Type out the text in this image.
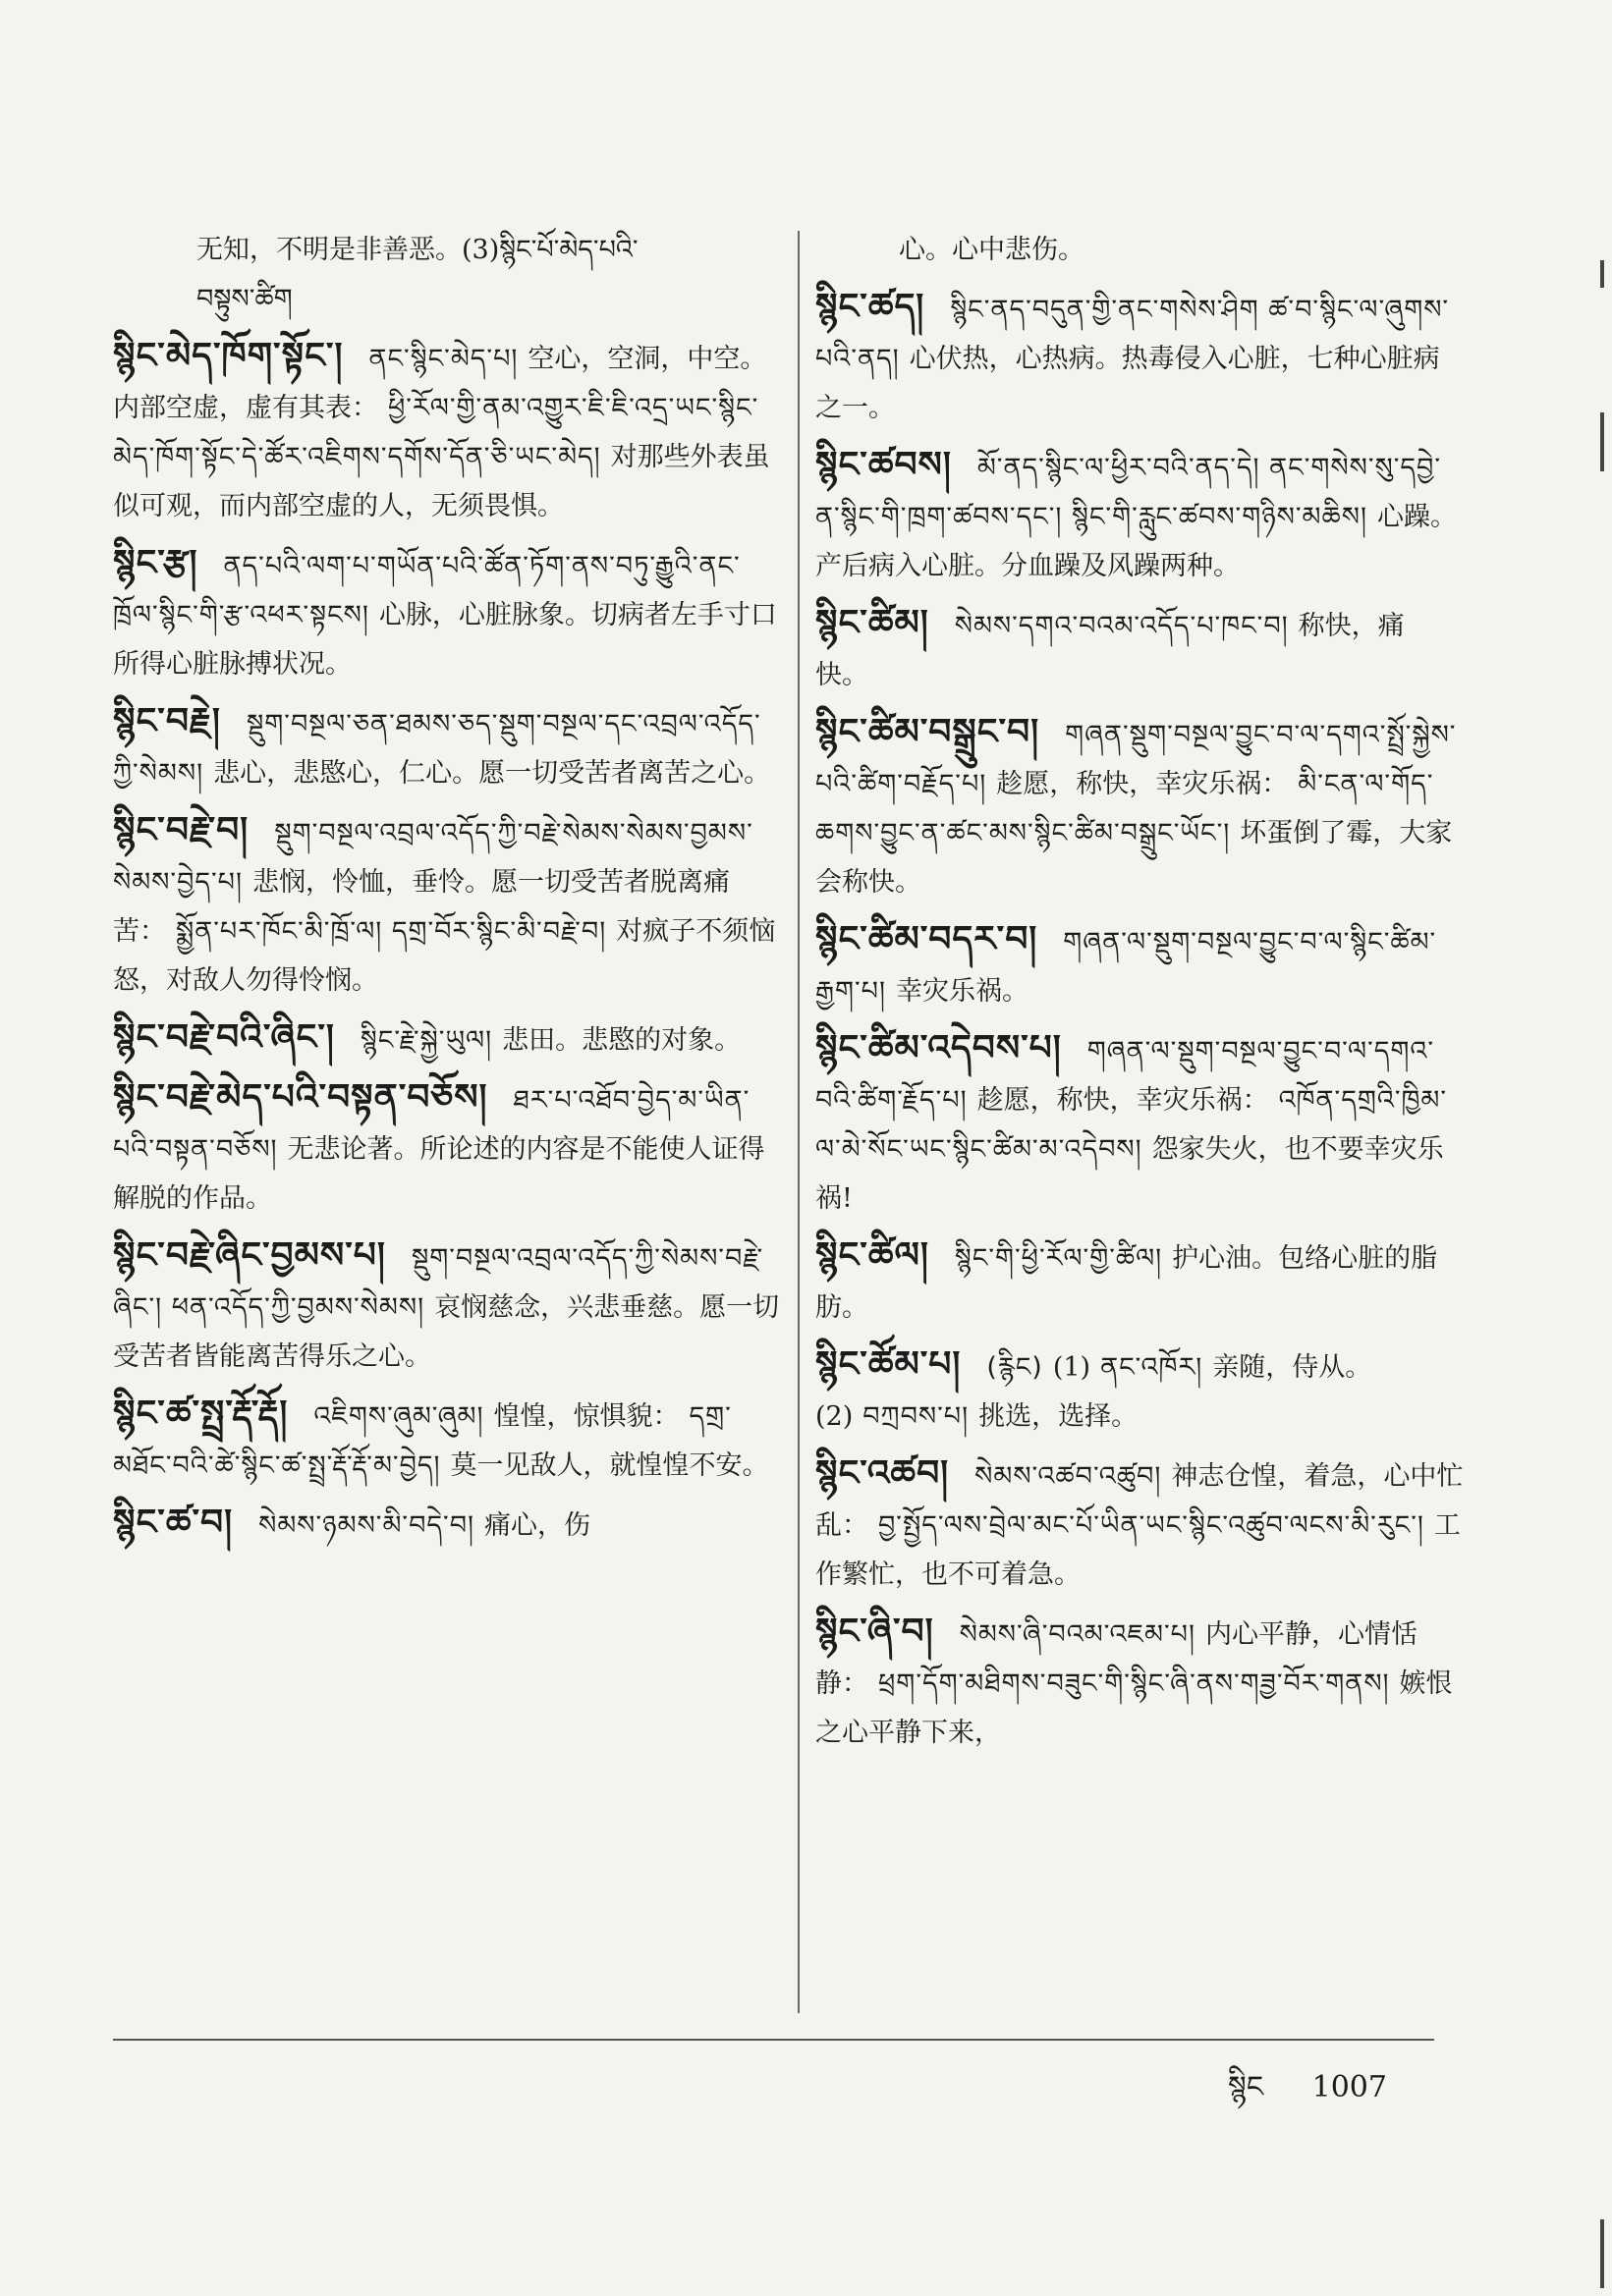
无知，不明是非善恶。(3)སྙིང་པོ་མེད་པའི་
བསྟུས་ཚིག
སྙིང་མེད་ཁོག་སྟོང་། ནང་སྙིང་མེད་པ། 空心，空洞，中空。内部空虚，虚有其表： ཕྱི་རོལ་གྱི་ནམ་འགྱུར་ཇི་ཇི་འདྲ་ཡང་སྙིང་མེད་ཁོག་སྟོང་དེ་ཚོར་འཇིགས་དགོས་དོན་ཅི་ཡང་མེད། 对那些外表虽似可观，而内部空虚的人，无须畏惧。
སྙིང་རྩ། ནད་པའི་ལག་པ་གཡོན་པའི་ཚོན་ཏོག་ནས་བཏུ་རྒྱུའི་ནང་ཁྲོལ་སྙིང་གི་རྩ་འཕར་སྟངས། 心脉，心脏脉象。切病者左手寸口所得心脏脉搏状况。
སྙིང་བརྗེ། སྡུག་བསྔལ་ཅན་ཐམས་ཅད་སྡུག་བསྔལ་དང་འབྲལ་འདོད་ཀྱི་སེམས། 悲心，悲愍心，仁心。愿一切受苦者离苦之心。
སྙིང་བརྗེ་བ། སྡུག་བསྔལ་འབྲལ་འདོད་ཀྱི་བརྗེ་སེམས་སེམས་བྱམས་སེམས་བྱེད་པ། 悲悯，怜恤，垂怜。愿一切受苦者脱离痛苦： སྨྱོན་པར་ཁོང་མི་ཁྲོ་ལ། དགྲ་བོར་སྙིང་མི་བརྗེ་བ། 对疯子不须恼怒，对敌人勿得怜悯。
སྙིང་བརྗེ་བའི་ཞིང་། སྙིང་རྗེ་སྐྱེ་ཡུལ། 悲田。悲愍的对象。
སྙིང་བརྗེ་མེད་པའི་བསྟན་བཅོས། ཐར་པ་འཐོབ་བྱེད་མ་ཡིན་པའི་བསྟན་བཅོས། 无悲论著。所论述的内容是不能使人证得解脱的作品。
སྙིང་བརྗེ་ཞིང་བྱམས་པ། སྡུག་བསྔལ་འབྲལ་འདོད་ཀྱི་སེམས་བརྗེ་ཞིང་། ཕན་འདོད་ཀྱི་བྱམས་སེམས། 哀悯慈念，兴悲垂慈。愿一切受苦者皆能离苦得乐之心。
སྙིང་ཚ་སྤྲ་རྡོ་རྡོ། འཇིགས་ཞུམ་ཞུམ། 惶惶，惊惧貌： དགྲ་མཐོང་བའི་ཚེ་སྙིང་ཚ་སྤྲ་རྡོ་རྡོ་མ་བྱེད། 莫一见敌人，就惶惶不安。
སྙིང་ཚ་བ། སེམས་ཉམས་མི་བདེ་བ། 痛心，伤
心。心中悲伤。
སྙིང་ཚད། སྙིང་ནད་བདུན་གྱི་ནང་གསེས་ཤིག ཚ་བ་སྙིང་ལ་ཞུགས་པའི་ནད། 心伏热，心热病。热毒侵入心脏，七种心脏病之一。
སྙིང་ཚབས། མོ་ནད་སྙིང་ལ་ཕྱིར་བའི་ནད་དེ། ནང་གསེས་སུ་དབྱེ་ན་སྙིང་གི་ཁྲག་ཚབས་དང་། སྙིང་གི་རླུང་ཚབས་གཉིས་མཆིས། 心躁。产后病入心脏。分血躁及风躁两种。
སྙིང་ཚིམ། སེམས་དགའ་བའམ་འདོད་པ་ཁང་བ། 称快，痛快。
སྙིང་ཚིམ་བསྒྲུང་བ། གཞན་སྡུག་བསྔལ་བྱུང་བ་ལ་དགའ་སྤྲོ་སྐྱེས་པའི་ཚིག་བརྗོད་པ། 趁愿，称快，幸灾乐祸： མི་ངན་ལ་གོད་ཆགས་བྱུང་ན་ཚང་མས་སྙིང་ཚིམ་བསྒྲུང་ཡོང་། 坏蛋倒了霉，大家会称快。
སྙིང་ཚིམ་བདར་བ། གཞན་ལ་སྡུག་བསྔལ་བྱུང་བ་ལ་སྙིང་ཚིམ་རྒྱག་པ། 幸灾乐祸。
སྙིང་ཚིམ་འདེབས་པ། གཞན་ལ་སྡུག་བསྔལ་བྱུང་བ་ལ་དགའ་བའི་ཚིག་རྗོད་པ། 趁愿，称快，幸灾乐祸： འཁོན་དགྲའི་ཁྱིམ་ལ་མེ་སོང་ཡང་སྙིང་ཚིམ་མ་འདེབས། 怨家失火，也不要幸灾乐祸!
སྙིང་ཚིལ། སྙིང་གི་ཕྱི་རོལ་གྱི་ཚིལ། 护心油。包络心脏的脂肪。
སྙིང་ཚོམ་པ། (རྙིང) (1) ནང་འཁོར། 亲随，侍从。(2) བཀྲབས་པ། 挑选，选择。
སྙིང་འཚབ། སེམས་འཚབ་འཚུབ། 神志仓惶，着急，心中忙乱： བྱ་སྤྱོད་ལས་བྲེལ་མང་པོ་ཡིན་ཡང་སྙིང་འཚུབ་ལངས་མི་རུང་། 工作繁忙，也不可着急。
སྙིང་ཞི་བ། སེམས་ཞི་བའམ་འཇམ་པ། 内心平静，心情恬静： ཕྲག་དོག་མཐིགས་བཟུང་གི་སྙིང་ཞི་ནས་གཟྱ་བོར་གནས། 嫉恨之心平静下来，
སྙིང 1007
